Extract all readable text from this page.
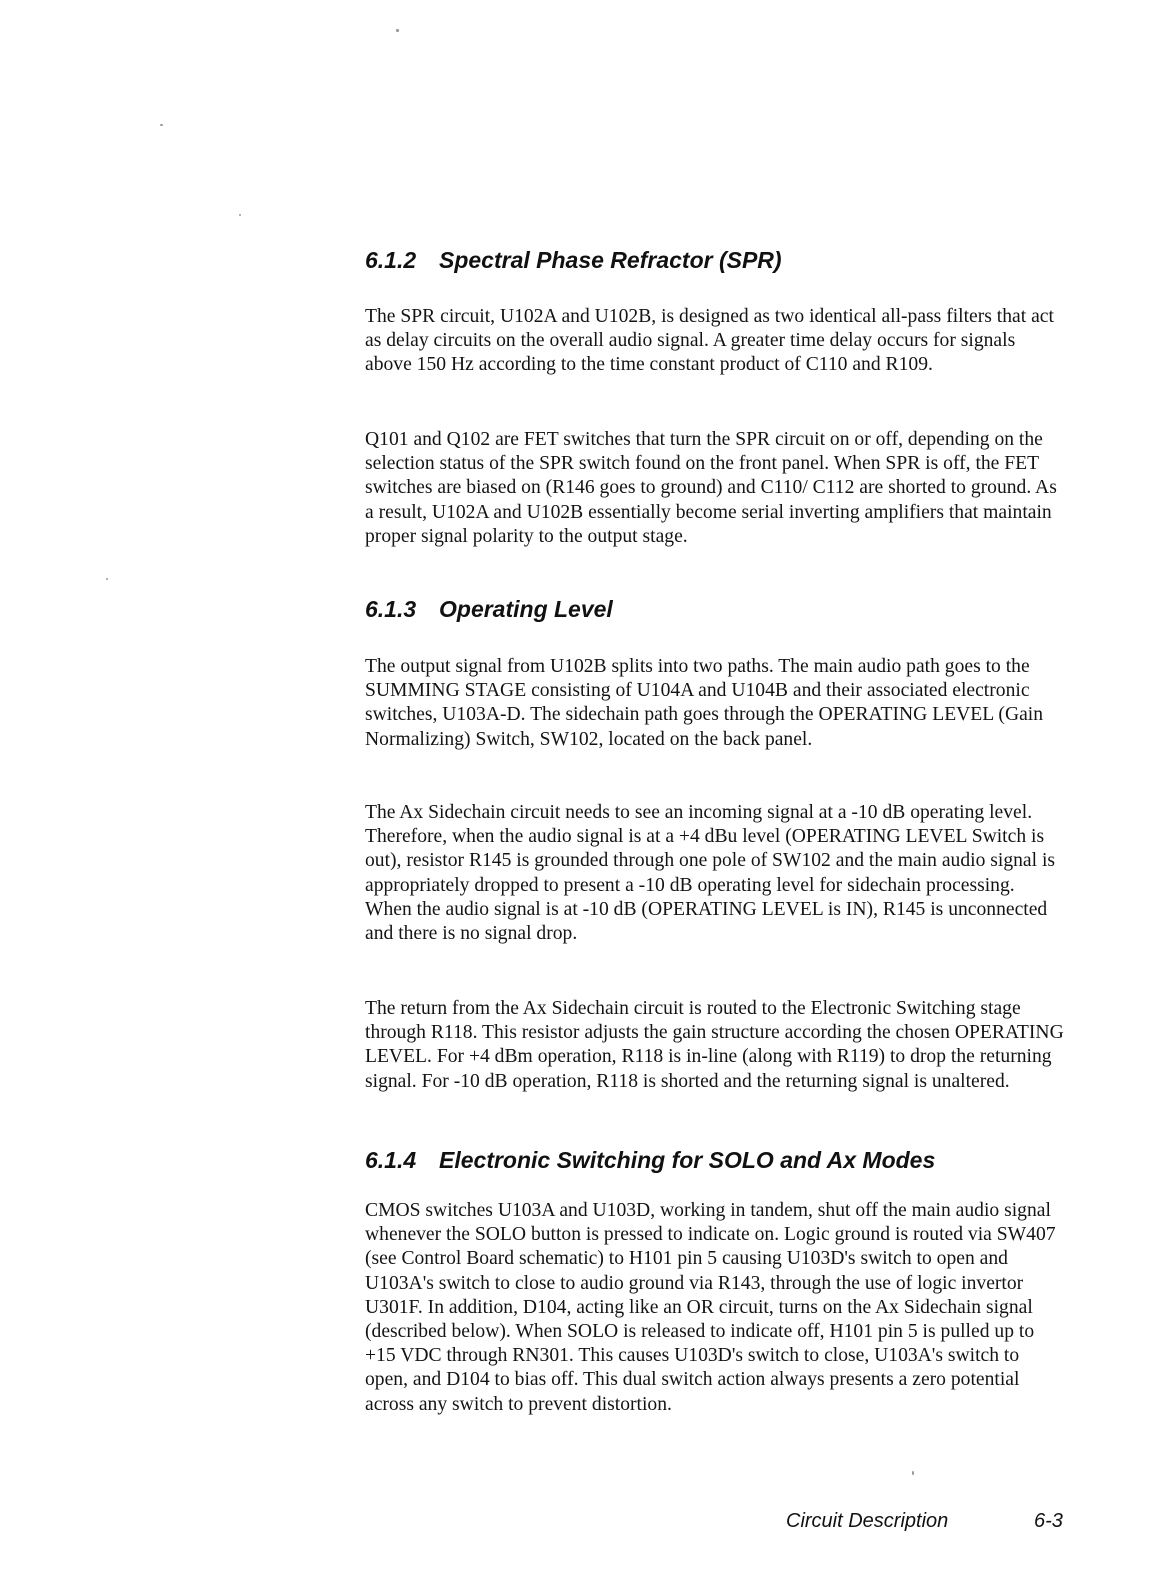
6.1.2 Spectral Phase Refractor (SPR)

The SPR circuit, U102A and U102B, is designed as two identical all-pass filters that act as delay circuits on the overall audio signal. A greater time delay occurs for signals above 150 Hz according to the time constant product of C110 and R109.

Q101 and Q102 are FET switches that turn the SPR circuit on or off, depending on the selection status of the SPR switch found on the front panel. When SPR is off, the FET switches are biased on (R146 goes to ground) and C110/ C112 are shorted to ground. As a result, U102A and U102B essentially become serial inverting amplifiers that maintain proper signal polarity to the output stage.

6.1.3 Operating Level

The output signal from U102B splits into two paths. The main audio path goes to the SUMMING STAGE consisting of U104A and U104B and their associated electronic switches, U103A-D. The sidechain path goes through the OPERATING LEVEL (Gain Normalizing) Switch, SW102, located on the back panel.

The Ax Sidechain circuit needs to see an incoming signal at a -10 dB operating level. Therefore, when the audio signal is at a +4 dBu level (OPERATING LEVEL Switch is out), resistor R145 is grounded through one pole of SW102 and the main audio signal is appropriately dropped to present a -10 dB operating level for sidechain processing. When the audio signal is at -10 dB (OPERATING LEVEL is IN), R145 is unconnected and there is no signal drop.

The return from the Ax Sidechain circuit is routed to the Electronic Switching stage through R118. This resistor adjusts the gain structure according the chosen OPERATING LEVEL. For +4 dBm operation, R118 is in-line (along with R119) to drop the returning signal. For -10 dB operation, R118 is shorted and the returning signal is unaltered.

6.1.4 Electronic Switching for SOLO and Ax Modes

CMOS switches U103A and U103D, working in tandem, shut off the main audio signal whenever the SOLO button is pressed to indicate on. Logic ground is routed via SW407 (see Control Board schematic) to H101 pin 5 causing U103D's switch to open and U103A's switch to close to audio ground via R143, through the use of logic invertor U301F. In addition, D104, acting like an OR circuit, turns on the Ax Sidechain signal (described below). When SOLO is released to indicate off, H101 pin 5 is pulled up to +15 VDC through RN301. This causes U103D's switch to close, U103A's switch to open, and D104 to bias off. This dual switch action always presents a zero potential across any switch to prevent distortion.

Circuit Description	6-3
